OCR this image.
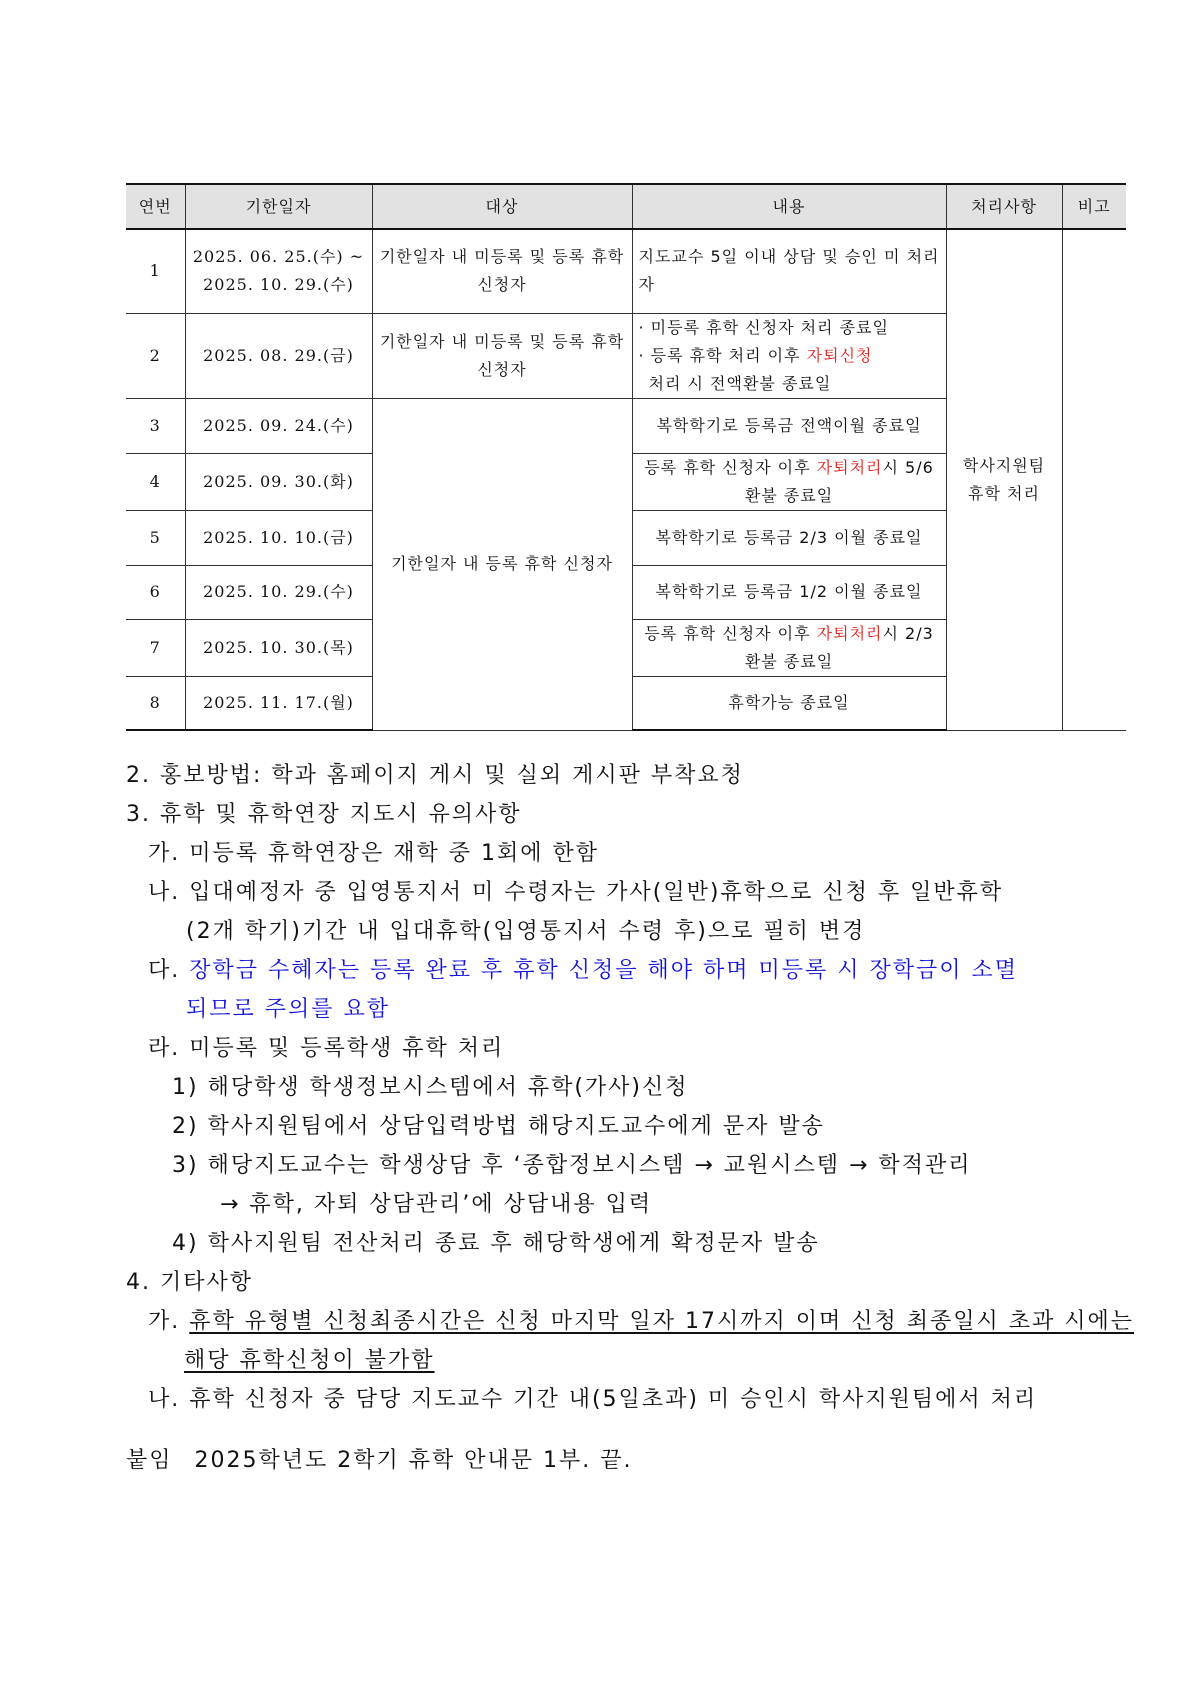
연번	기한일자	대상	내용	처리사항	비고
1	2025. 06. 25.(수) ~ 2025. 10. 29.(수)	기한일자 내 미등록 및 등록 휴학 신청자	지도교수 5일 이내 상담 및 승인 미 처리자	학사지원팀 휴학 처리	
2	2025. 08. 29.(금)	기한일자 내 미등록 및 등록 휴학 신청자	· 미등록 휴학 신청자 처리 종료일
· 등록 휴학 처리 이후 자퇴신청
처리 시 전액환불 종료일		

3	2025. 09. 24.(수)	기한일자 내 등록 휴학 신청자	복학학기로 등록금 전액이월 종료일		
4	2025. 09. 30.(화)		등록 휴학 신청자 이후 자퇴처리시 5/6 환불 종료일		
5	2025. 10. 10.(금)		복학학기로 등록금 2/3 이월 종료일		
6	2025. 10. 29.(수)		복학학기로 등록금 1/2 이월 종료일		
7	2025. 10. 30.(목)		등록 휴학 신청자 이후 자퇴처리시 2/3 환불 종료일		
8	2025. 11. 17.(월)		휴학가능 종료일		
2. 홍보방법: 학과 홈페이지 게시 및 실외 게시판 부착요청
3. 휴학 및 휴학연장 지도시 유의사항
가. 미등록 휴학연장은 재학 중 1회에 한함
나. 입대예정자 중 입영통지서 미 수령자는 가사(일반)휴학으로 신청 후 일반휴학
(2개 학기)기간 내 입대휴학(입영통지서 수령 후)으로 필히 변경
다. 장학금 수혜자는 등록 완료 후 휴학 신청을 해야 하며 미등록 시 장학금이 소멸
되므로 주의를 요함
라. 미등록 및 등록학생 휴학 처리
1) 해당학생 학생정보시스템에서 휴학(가사)신청
2) 학사지원팀에서 상담입력방법 해당지도교수에게 문자 발송
3) 해당지도교수는 학생상담 후 ‘종합정보시스템 → 교원시스템 → 학적관리
→ 휴학, 자퇴 상담관리’에 상담내용 입력
4) 학사지원팀 전산처리 종료 후 해당학생에게 확정문자 발송
4. 기타사항
가. 휴학 유형별 신청최종시간은 신청 마지막 일자 17시까지 이며 신청 최종일시 초과 시에는
해당 휴학신청이 불가함
나. 휴학 신청자 중 담당 지도교수 기간 내(5일초과) 미 승인시 학사지원팀에서 처리
붙임 2025학년도 2학기 휴학 안내문 1부. 끝.
